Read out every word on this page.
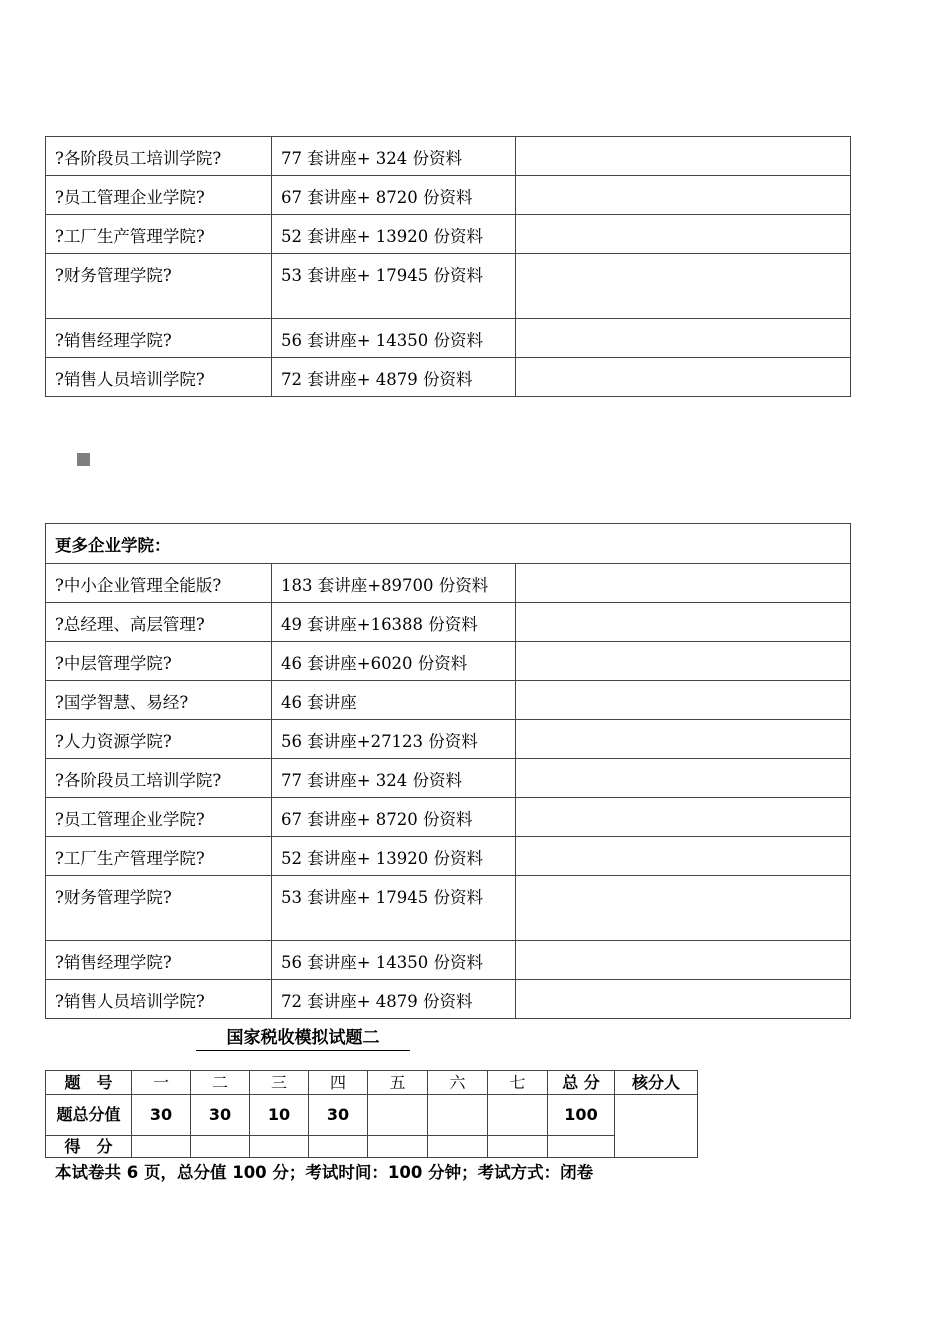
?各阶段员工培训学院?	77 套讲座+ 324 份资料	
?员工管理企业学院?	67 套讲座+ 8720 份资料	
?工厂生产管理学院?	52 套讲座+ 13920 份资料	
?财务管理学院?	53 套讲座+ 17945 份资料	
?销售经理学院?	56 套讲座+ 14350 份资料	
?销售人员培训学院?	72 套讲座+ 4879 份资料	
更多企业学院：		
?中小企业管理全能版?	183 套讲座+89700 份资料	
?总经理、高层管理?	49 套讲座+16388 份资料	
?中层管理学院?	46 套讲座+6020 份资料	
?国学智慧、易经?	46 套讲座	
?人力资源学院?	56 套讲座+27123 份资料	
?各阶段员工培训学院?	77 套讲座+ 324 份资料	
?员工管理企业学院?	67 套讲座+ 8720 份资料	
?工厂生产管理学院?	52 套讲座+ 13920 份资料	
?财务管理学院?	53 套讲座+ 17945 份资料	
?销售经理学院?	56 套讲座+ 14350 份资料	
?销售人员培训学院?	72 套讲座+ 4879 份资料	
国家税收模拟试题二
题　号	一	二	三	四	五	六	七	总 分	核分人
题总分值	30	30	10	30				100	
得　分									
本试卷共 6 页，总分值 100 分；考试时间：100 分钟；考试方式：闭卷
